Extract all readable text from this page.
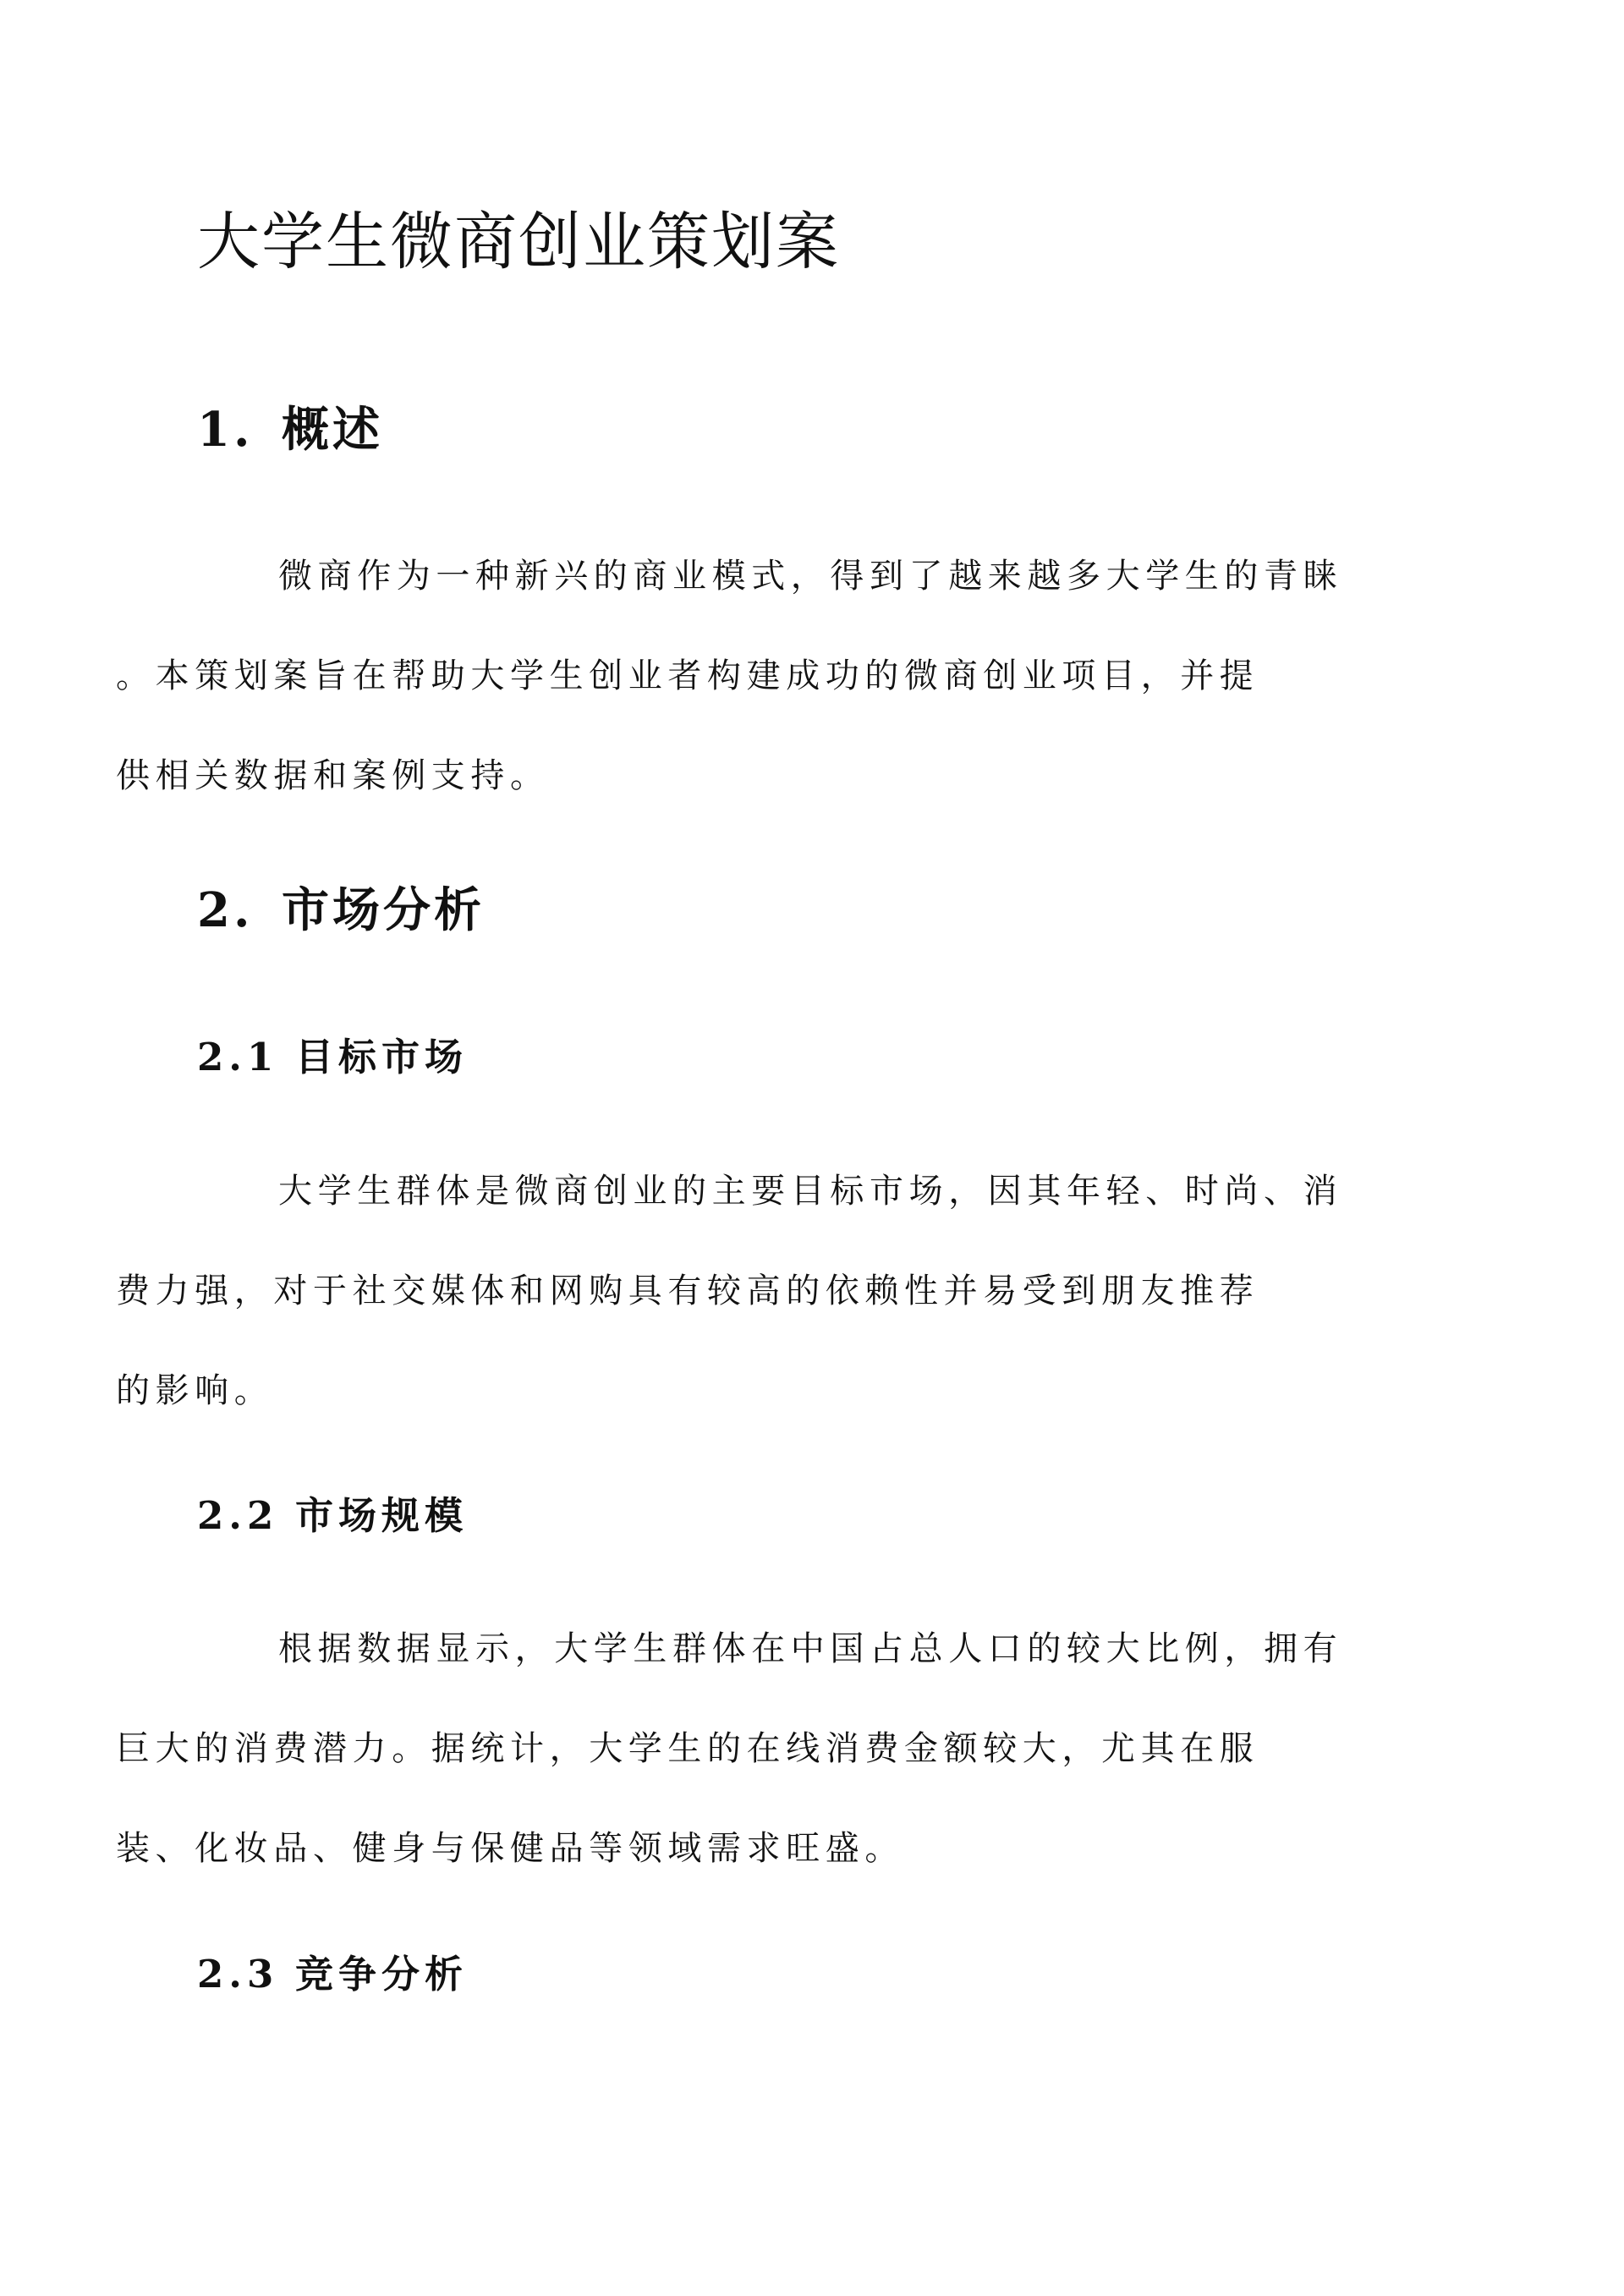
大学生微商创业策划案
1. 概述
微商作为一种新兴的商业模式，得到了越来越多大学生的青睐
。本策划案旨在帮助大学生创业者构建成功的微商创业项目，并提
供相关数据和案例支持。
2. 市场分析
2.1 目标市场
大学生群体是微商创业的主要目标市场，因其年轻、时尚、消
费力强，对于社交媒体和网购具有较高的依赖性并易受到朋友推荐
的影响。
2.2 市场规模
根据数据显示，大学生群体在中国占总人口的较大比例，拥有
巨大的消费潜力。据统计，大学生的在线消费金额较大，尤其在服
装、化妆品、健身与保健品等领域需求旺盛。
2.3 竞争分析
